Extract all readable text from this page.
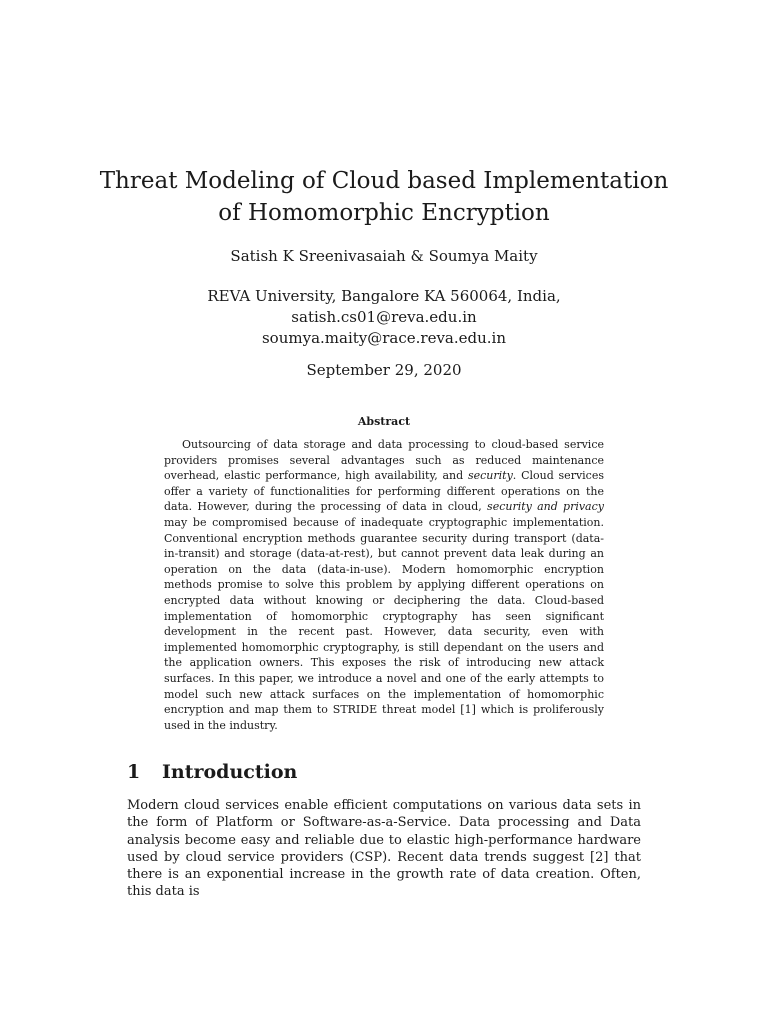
Threat Modeling of Cloud based Implementation
of Homomorphic Encryption
Satish K Sreenivasaiah & Soumya Maity
REVA University, Bangalore KA 560064, India,
satish.cs01@reva.edu.in
soumya.maity@race.reva.edu.in
September 29, 2020
Abstract
Outsourcing of data storage and data processing to cloud-based service providers promises several advantages such as reduced maintenance overhead, elastic performance, high availability, and security. Cloud services offer a variety of functionalities for performing different operations on the data. However, during the processing of data in cloud, security and privacy may be compromised because of inadequate cryptographic implementation. Conventional encryption methods guarantee security during transport (data-in-transit) and storage (data-at-rest), but cannot prevent data leak during an operation on the data (data-in-use). Modern homomorphic encryption methods promise to solve this problem by applying different operations on encrypted data without knowing or deciphering the data. Cloud-based implementation of homomorphic cryptography has seen significant development in the recent past. However, data security, even with implemented homomorphic cryptography, is still dependant on the users and the application owners. This exposes the risk of introducing new attack surfaces. In this paper, we introduce a novel and one of the early attempts to model such new attack surfaces on the implementation of homomorphic encryption and map them to STRIDE threat model [1] which is proliferously used in the industry.
1 Introduction
Modern cloud services enable efficient computations on various data sets in the form of Platform or Software-as-a-Service. Data processing and Data analysis become easy and reliable due to elastic high-performance hardware used by cloud service providers (CSP). Recent data trends suggest [2] that there is an exponential increase in the growth rate of data creation. Often, this data is
